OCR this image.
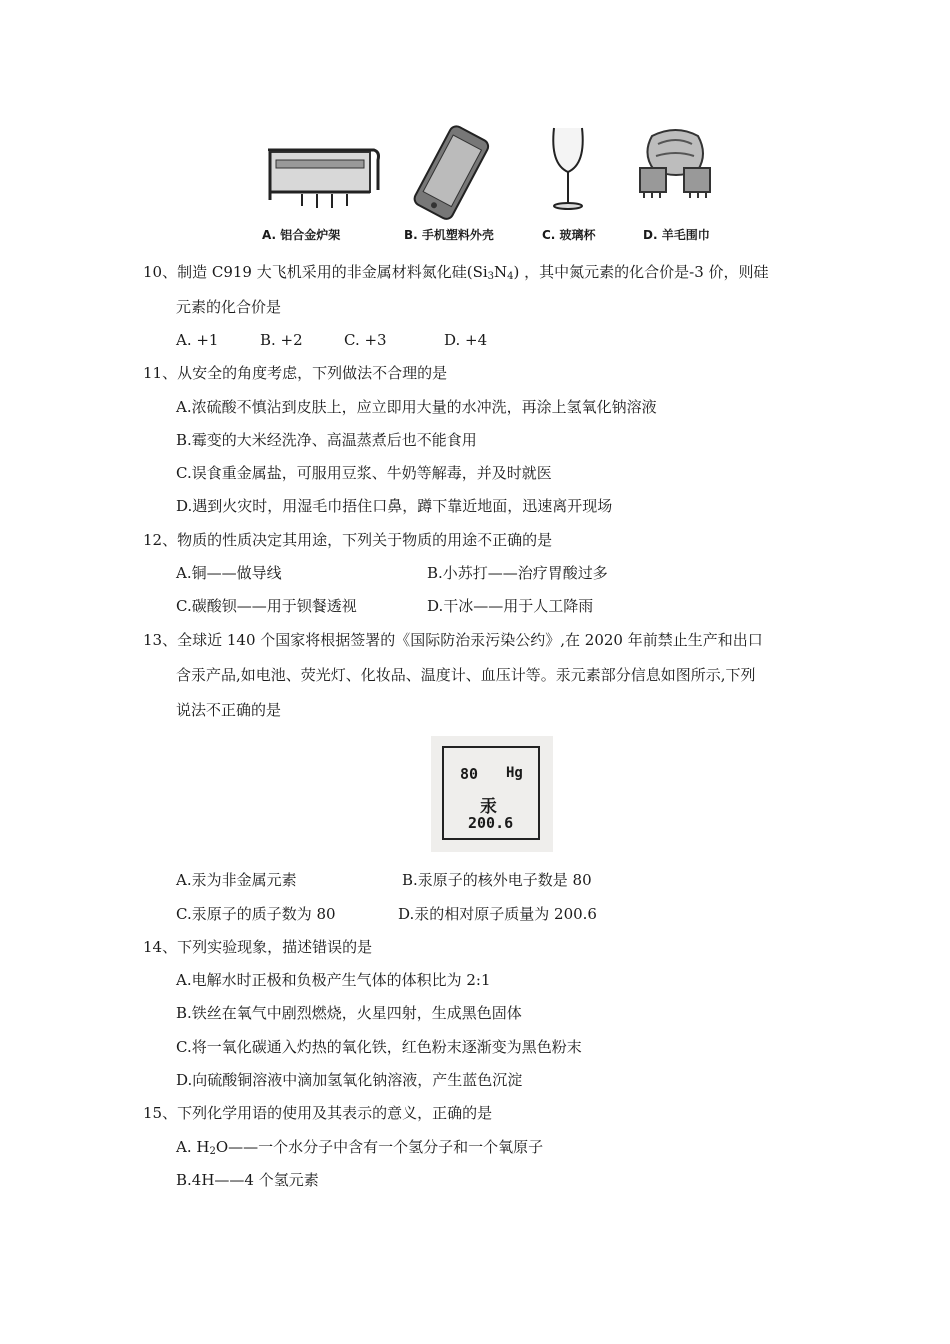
A. 铝合金炉架	B. 手机塑料外壳	C. 玻璃杯	D. 羊毛围巾
10、制造 C919 大飞机采用的非金属材料氮化硅$(Si_3N_4)$ ，其中氮元素的化合价是-3 价，则硅
元素的化合价是
A. +1	B. +2	C. +3	D. +4
11、从安全的角度考虑，下列做法不合理的是
A.浓硫酸不慎沾到皮肤上，应立即用大量的水冲洗，再涂上氢氧化钠溶液
B.霉变的大米经洗净、高温蒸煮后也不能食用
C.误食重金属盐，可服用豆浆、牛奶等解毒，并及时就医
D.遇到火灾时，用湿毛巾捂住口鼻，蹲下靠近地面，迅速离开现场
12、物质的性质决定其用途，下列关于物质的用途不正确的是
A.铜——做导线	B.小苏打——治疗胃酸过多
C.碳酸钡——用于钡餐透视	D.干冰——用于人工降雨
13、全球近 140 个国家将根据签署的《国际防治汞污染公约》,在 2020 年前禁止生产和出口
含汞产品,如电池、荧光灯、化妆品、温度计、血压计等。汞元素部分信息如图所示,下列
说法不正确的是
80 Hg
汞
200.6
A.汞为非金属元素	B.汞原子的核外电子数是 80
C.汞原子的质子数为 80	D.汞的相对原子质量为 200.6
14、下列实验现象，描述错误的是
A.电解水时正极和负极产生气体的体积比为 2:1
B.铁丝在氧气中剧烈燃烧，火星四射，生成黑色固体
C.将一氧化碳通入灼热的氧化铁，红色粉末逐渐变为黑色粉末
D.向硫酸铜溶液中滴加氢氧化钠溶液，产生蓝色沉淀
15、下列化学用语的使用及其表示的意义，正确的是
A. $H_2O——$一个水分子中含有一个氢分子和一个氧原子
B.4H——4 个氢元素
